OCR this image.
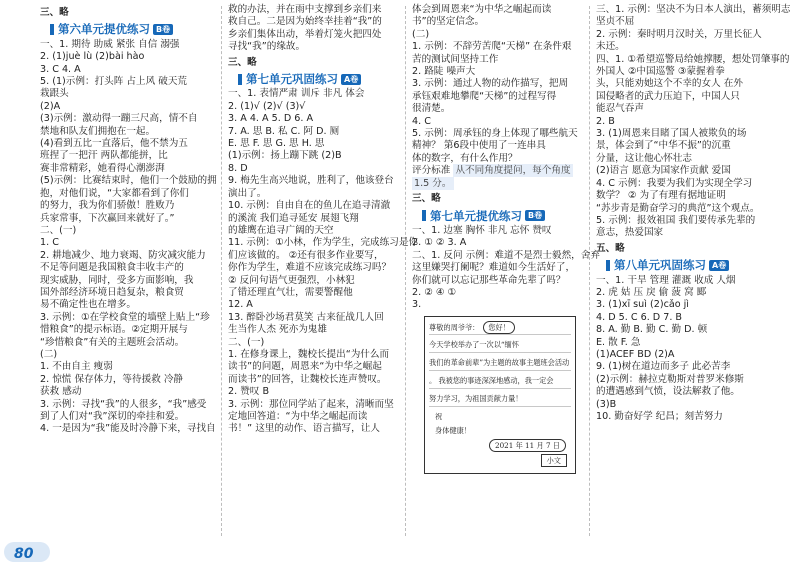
三、略
第六单元提优练习 B卷
一、1. 期待 助威 紧张 自信 溺强
2. (1)juè lù (2)bài hào
3. C 4. A
5. (1)示例：打头阵 占上风 破天荒
栽跟头
(2)A
(3)示例：激动得一蹦三尺高，情不自
禁地和队友们拥抱在一起。
(4)看到五比一直落后，他不禁为五
班捏了一把汗 两队都能拼，比
赛非常精彩，她看得心潮澎湃
(5)示例：比赛结束时，他们一个鼓励的拥
抱，对他们说，“大家都看到了你们
的努力，我为你们骄傲！胜败乃
兵家常事，下次赢回来就好了。”
二、(一)
1. C
2. 耕地减少、地力衰竭、防灾减灾能力
不足等问题是我国粮食丰收丰产的
现实威胁，同时，受多方面影响，我
国外部经济环境日趋复杂，粮食贸
易不确定性也在增多。
3. 示例：①在学校食堂的墙壁上贴上“珍
惜粮食”的提示标语。②定期开展与
“珍惜粮食”有关的主题班会活动。
(二)
1. 不由自主 瘦弱
2. 惊慌 保存体力，等待援救 冷静
获救 感动
3. 示例：寻找“我”的人很多，“我”感受
到了人们对“我”深切的牵挂和爱。
4. 一是因为“我”能及时冷静下来，寻找自
救的办法，并在雨中支撑到乡亲们来
救自己。二是因为始终幸挂着“我”的
乡亲们集体出动，举着灯笼火把四处
寻找“我”的缘故。
三、略
第七单元巩固练习 A卷
一、1. 表情严肃 训斥 非凡 体会
2. (1)√ (2)√ (3)√
3. A 4. A 5. D 6. A
7. A. 思 B. 私 C. 阿 D. 厕
E. 思 F. 思 G. 思 H. 思
(1)示例：扬上蹦下跳 (2)B
8. D
9. 梅先生高兴地说，胜利了，他该登台
演出了。
10. 示例：自由自在的鱼儿在追寻清澈
的溪流 我们追寻延安 展翅飞翔
的雄鹰在追寻广阔的天空
11. 示例：①小林，作为学生，完成练习是你
们应该做的。 ②还有很多作业要写，
你作为学生，难道不应该完成练习吗？
② 反问句语气更强烈，小林犯
了错还理直气壮，需要警醒他
12. A
13. 醉卧沙场君莫笑 古来征战几人回
生当作人杰 死亦为鬼雄
二、(一)
1. 在修身课上，魏校长提出“为什么而
读书”的问题，周恩来“为中华之崛起
而读书”的回答，让魏校长连声赞叹。
2. 赞叹 B
3. 示例：那位同学站了起来，清晰而坚
定地回答道：“为中华之崛起而读
书！” 这里的动作、语言描写，让人
体会到周恩来“为中华之崛起而读
书”的坚定信念。
(二)
1. 示例：不辞劳苦爬“天梯” 在条件艰
苦的测试间坚持工作
2. 路陡 噪声大
3. 示例：通过人物的动作描写，把周
承钰艰难地攀爬“天梯”的过程写得
很清楚。
4. C
5. 示例：周承钰的身上体现了哪些航天
精神？ 第6段中使用了一连串具
体的数字，有什么作用？
评分标准 从不同角度提问，每个角度
1.5 分。
三、略
第七单元提优练习 B卷
一、1. 边塞 胸怀 非凡 忘怀 赞叹
2. ① ② 3. A
二、1. 反问 示例：难道不是烈士毅然，舍弃
这里嫌哭打阑呢？难道如今生活好了，
你们就可以忘记那些革命先辈了吗？
2. ② ④ ①
3.
尊敬的周爷爷： 您好！
今天学校举办了一次以“缅怀
我们的革命前辈”为主题的故事主题班会活动
。 我被您的事迹深深地感动，我一定会
努力学习，为祖国贡献力量！
祝
身体健康！
2021 年 11 月 7 日
小文
三、1. 示例：坚决不为日本人演出，蓄须明志
坚贞不屈
2. 示例：秦时明月汉时关，万里长征人
未还。
四、1. ①希望巡警局给她撑腰，想处罚肇事的
外国人 ②中国巡警 ③蒙握着拳
头，只能劝她这个不幸的女人 在外
国侵略者的武力压迫下，中国人只
能忍气吞声
2. B
3. (1)周恩来目睹了国人被欺负的场
景，体会到了“中华不振”的沉重
分量，这让他心怀壮志
(2)语言 愿意为国家作贡献 爱国
4. C 示例：我要为我们为实现全学习
数学？ ② 为了有理有据地证明
“苏步青是勤奋学习的典范”这个观点。
5. 示例：报效祖国 我们要传承先辈的
意志，热爱国家
五、略
第八单元巩固练习 A卷
一、1. 干旱 管理 灌溉 收成 人烟
2. 虎 姑 压 戾 偷 菠 窝 郾
3. (1)xī suì (2)cǎo jì
4. D 5. C 6. D 7. B
8. A. 勤 B. 勤 C. 勤 D. 顿
E. 散 F. 急
(1)ACEF BD (2)A
9. (1)树在道边而多子 此必苦李
(2)示例：赫拉克勒斯对普罗米修斯
的遭遇感到气愤，设法解救了他。
(3)B
10. 勤奋好学 纪昌；刻苦努力
80
